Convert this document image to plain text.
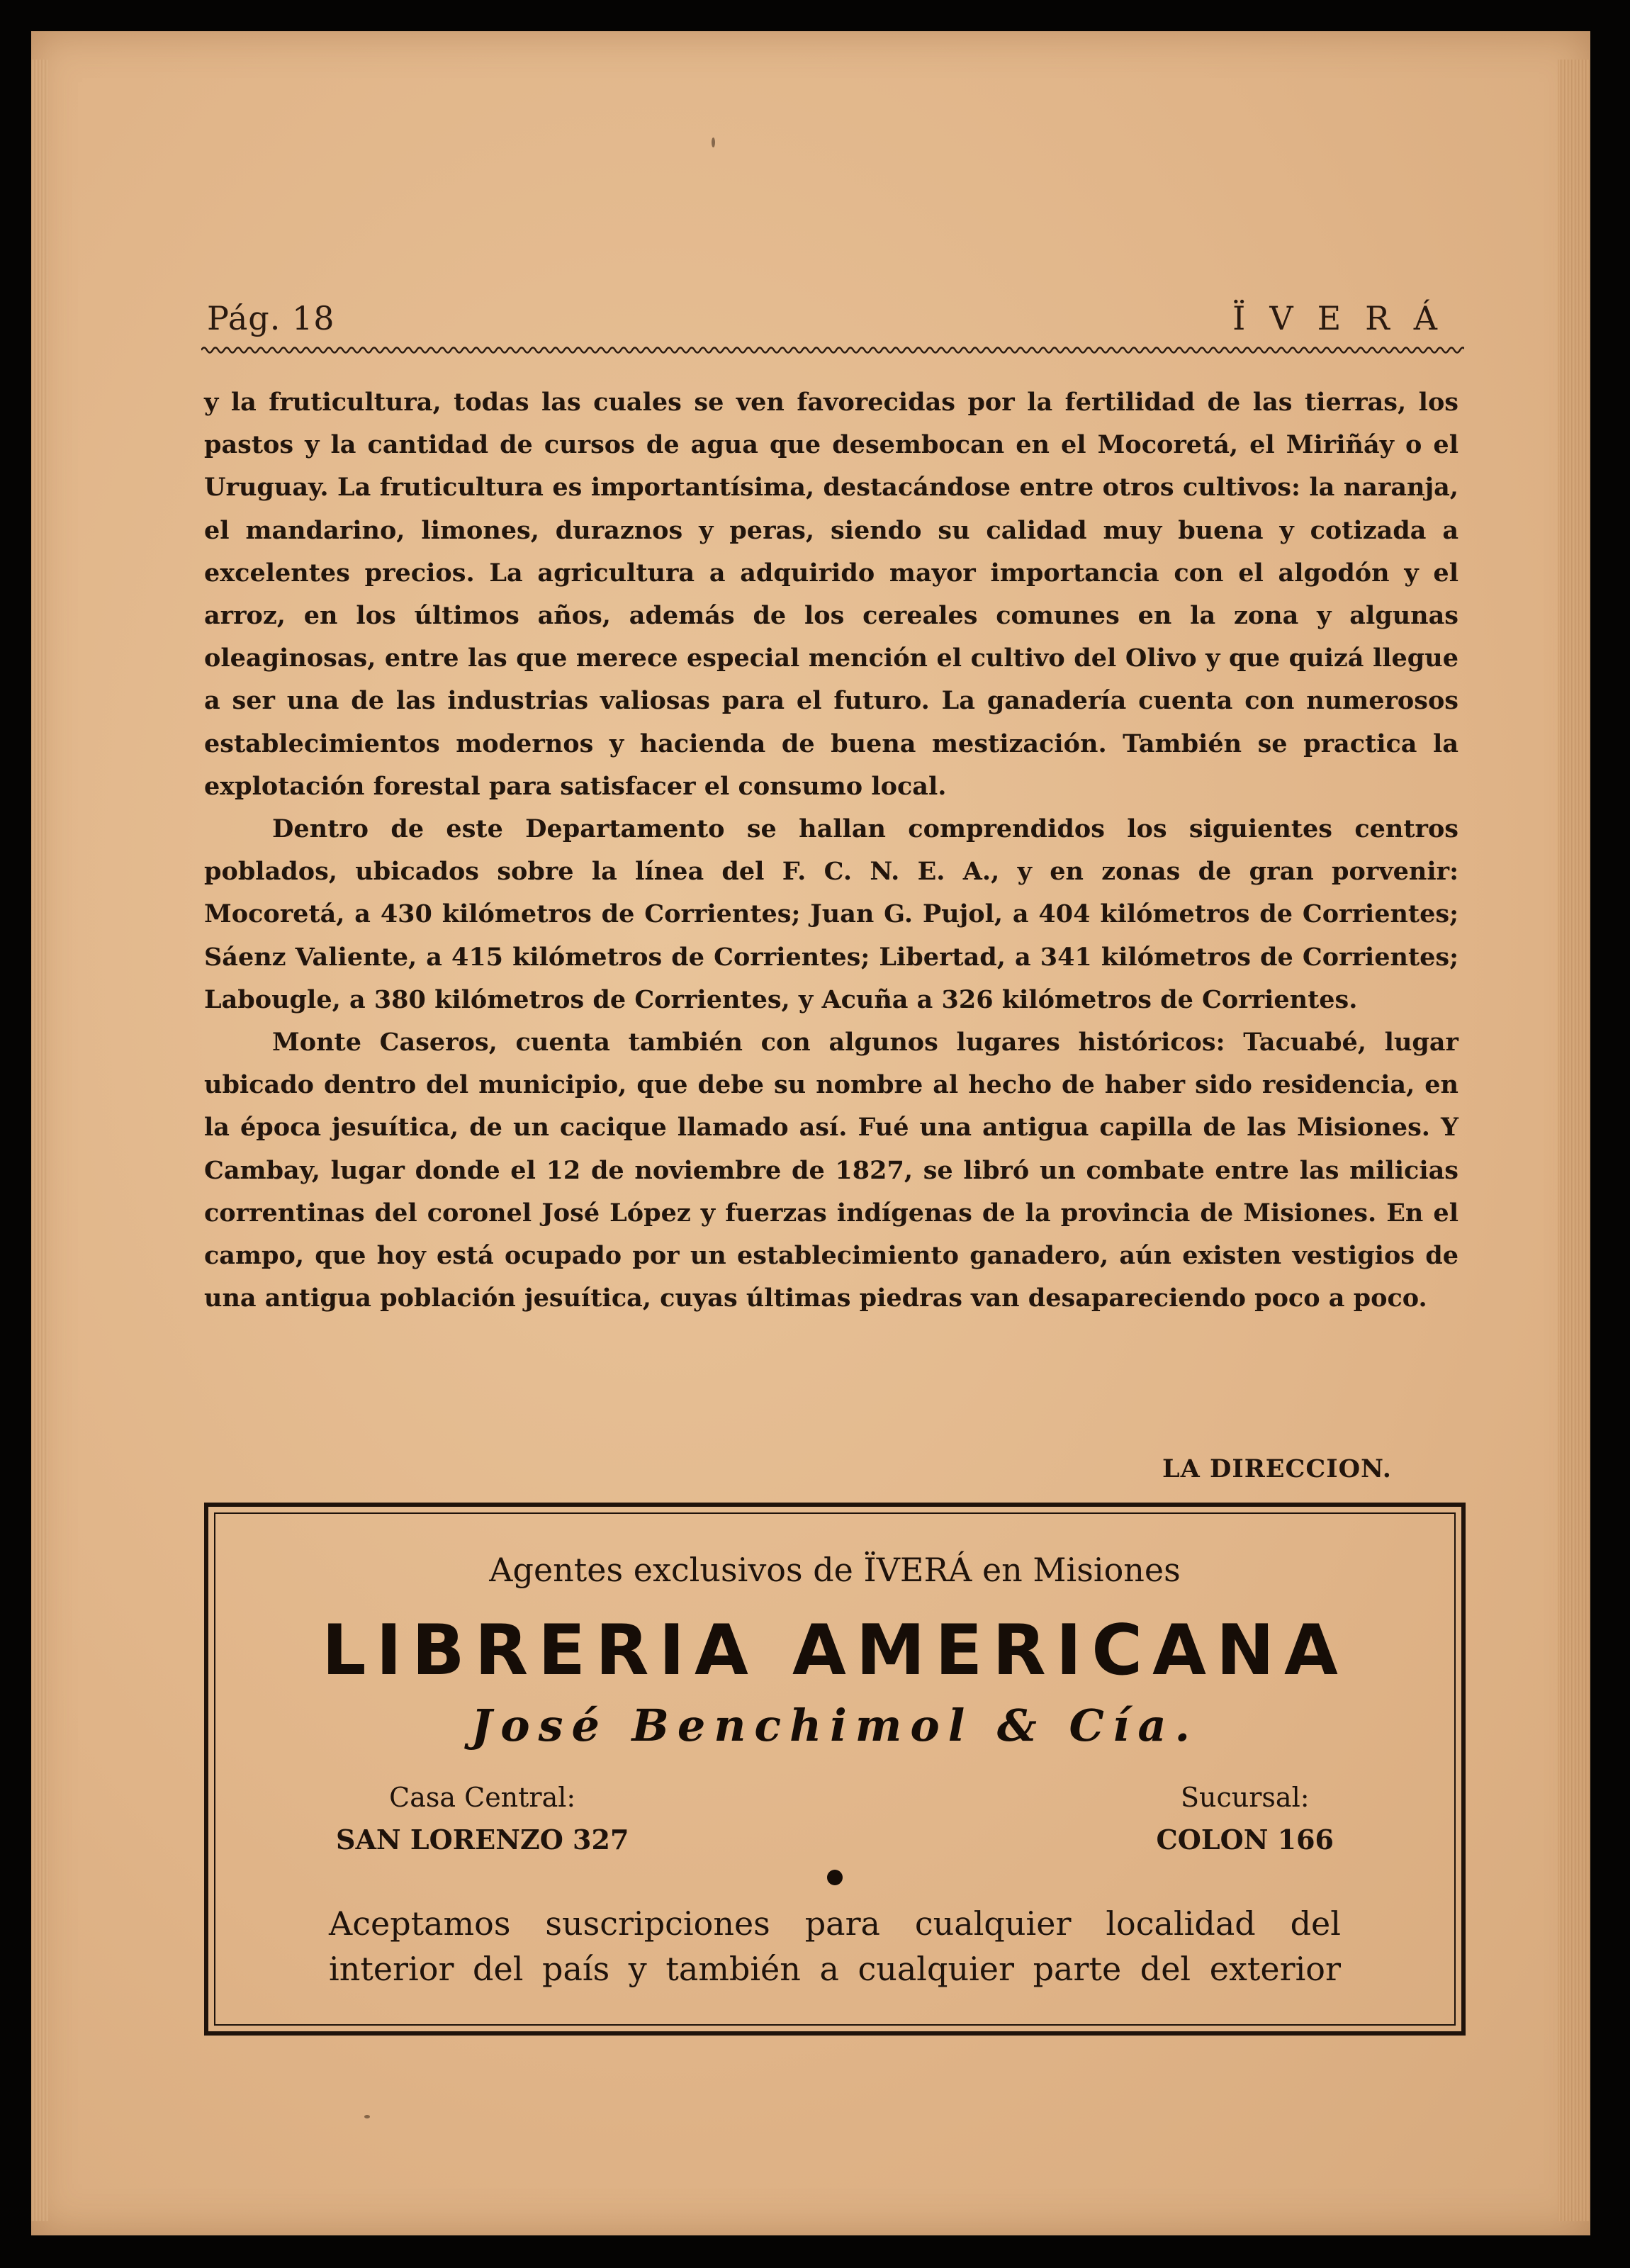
Pág. 18	ÏVERÁ

y la fruticultura, todas las cuales se ven favorecidas por la fertilidad de las tierras, los pastos y la cantidad de cursos de agua que desembocan en el Mocoretá, el Miriñáy o el Uruguay. La fruticultura es importantísima, destacándose entre otros cultivos: la naranja, el mandarino, limones, duraznos y peras, siendo su calidad muy buena y cotizada a excelentes precios. La agricultura a adquirido mayor importancia con el algodón y el arroz, en los últimos años, además de los cereales comunes en la zona y algunas oleaginosas, entre las que merece especial mención el cultivo del Olivo y que quizá llegue a ser una de las industrias valiosas para el futuro. La ganadería cuenta con numerosos establecimientos modernos y hacienda de buena mestización. También se practica la explotación forestal para satisfacer el consumo local.

Dentro de este Departamento se hallan comprendidos los siguientes centros poblados, ubicados sobre la línea del F. C. N. E. A., y en zonas de gran porvenir: Mocoretá, a 430 kilómetros de Corrientes; Juan G. Pujol, a 404 kilómetros de Corrientes; Sáenz Valiente, a 415 kilómetros de Corrientes; Libertad, a 341 kilómetros de Corrientes; Labougle, a 380 kilómetros de Corrientes, y Acuña a 326 kilómetros de Corrientes.

Monte Caseros, cuenta también con algunos lugares históricos: Tacuabé, lugar ubicado dentro del municipio, que debe su nombre al hecho de haber sido residencia, en la época jesuítica, de un cacique llamado así. Fué una antigua capilla de las Misiones. Y Cambay, lugar donde el 12 de noviembre de 1827, se libró un combate entre las milicias correntinas del coronel José López y fuerzas indígenas de la provincia de Misiones. En el campo, que hoy está ocupado por un establecimiento ganadero, aún existen vestigios de una antigua población jesuítica, cuyas últimas piedras van desapareciendo poco a poco.

LA DIRECCION.
Agentes exclusivos de ÏVERÁ en Misiones
LIBRERIA AMERICANA
José Benchimol & Cía.
Casa Central:
SAN LORENZO 327
Sucursal:
COLON 166
Aceptamos suscripciones para cualquier localidad del
interior del país y también a cualquier parte del exterior
